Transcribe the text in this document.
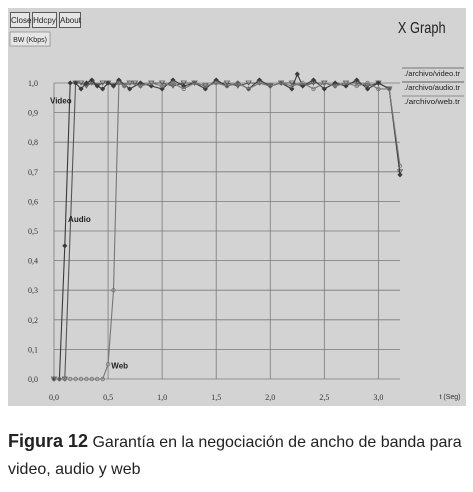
Close Hdcpy About	X Graph
BW (Kbps)
0,0
0,1
0,2
0,3
0,4
0,5
0,6
0,7
0,8
0,9
1,0
0,0	0,5	1,0	1,5	2,0	2,5	3,0	t (Seg)
./archivo/video.tr
./archivo/audio.tr
./archivo/web.tr
Video
Audio
Web
Figura 12 Garantía en la negociación de ancho de banda para video, audio y web
